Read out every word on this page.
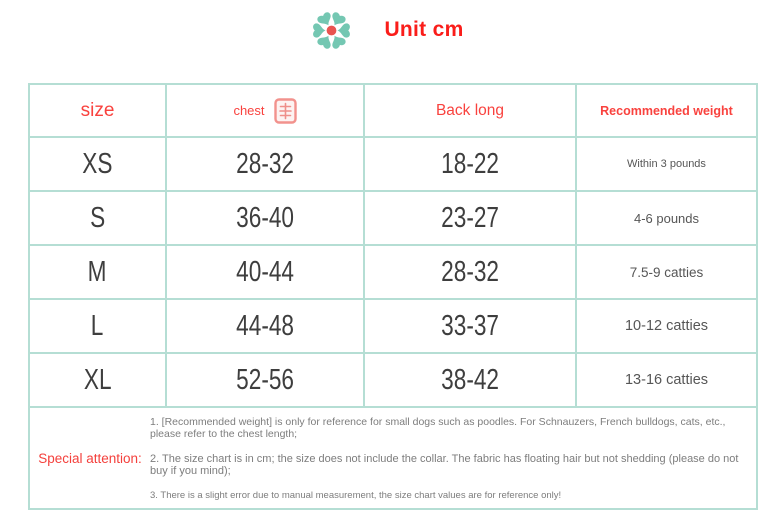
Unit cm
size	chest	Back long	Recommended weight
XS	28-32	18-22	Within 3 pounds
S	36-40	23-27	4-6 pounds
M	40-44	28-32	7.5-9 catties
L	44-48	33-37	10-12 catties
XL	52-56	38-42	13-16 catties

Special attention:
1. [Recommended weight] is only for reference for small dogs such as poodles. For Schnauzers, French bulldogs, cats, etc., please refer to the chest length;
2. The size chart is in cm; the size does not include the collar. The fabric has floating hair but not shedding (please do not buy if you mind);
3. There is a slight error due to manual measurement, the size chart values are for reference only!			
